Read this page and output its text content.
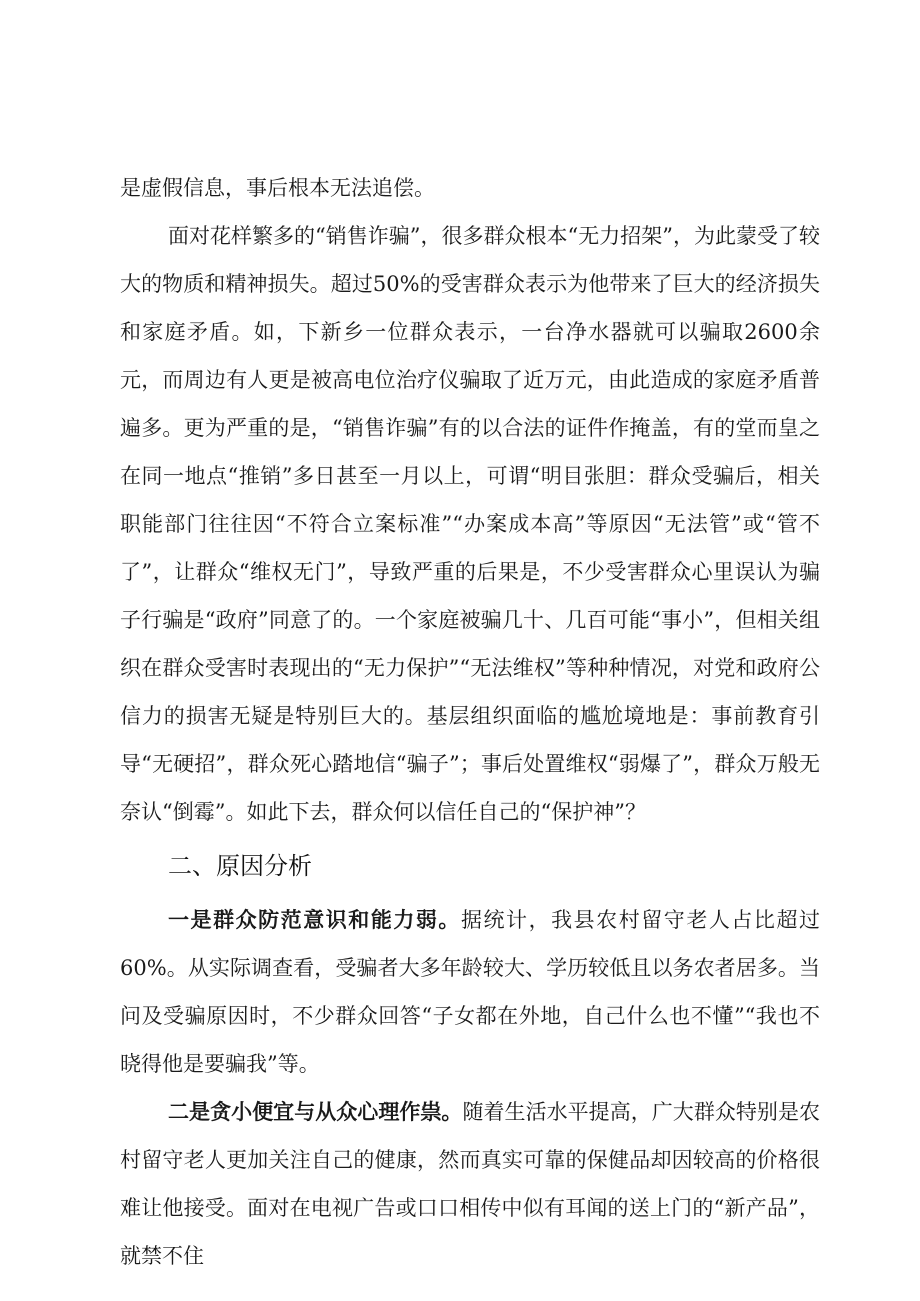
是虚假信息，事后根本无法追偿。

面对花样繁多的“销售诈骗”，很多群众根本“无力招架”，为此蒙受了较大的物质和精神损失。超过50%的受害群众表示为他带来了巨大的经济损失和家庭矛盾。如，下新乡一位群众表示，一台净水器就可以骗取2600余元，而周边有人更是被高电位治疗仪骗取了近万元，由此造成的家庭矛盾普遍多。更为严重的是，“销售诈骗”有的以合法的证件作掩盖，有的堂而皇之在同一地点“推销”多日甚至一月以上，可谓“明目张胆：群众受骗后，相关职能部门往往因“不符合立案标准”“办案成本高”等原因“无法管”或“管不了”，让群众“维权无门”，导致严重的后果是，不少受害群众心里误认为骗子行骗是“政府”同意了的。一个家庭被骗几十、几百可能“事小”，但相关组织在群众受害时表现出的“无力保护”“无法维权”等种种情况，对党和政府公信力的损害无疑是特别巨大的。基层组织面临的尴尬境地是：事前教育引导“无硬招”，群众死心踏地信“骗子”；事后处置维权“弱爆了”，群众万般无奈认“倒霉”。如此下去，群众何以信任自己的“保护神”？

二、原因分析

一是群众防范意识和能力弱。据统计，我县农村留守老人占比超过60%。从实际调查看，受骗者大多年龄较大、学历较低且以务农者居多。当问及受骗原因时，不少群众回答“子女都在外地，自己什么也不懂”“我也不晓得他是要骗我”等。

二是贪小便宜与从众心理作祟。随着生活水平提高，广大群众特别是农村留守老人更加关注自己的健康，然而真实可靠的保健品却因较高的价格很难让他接受。面对在电视广告或口口相传中似有耳闻的送上门的“新产品”，就禁不住
